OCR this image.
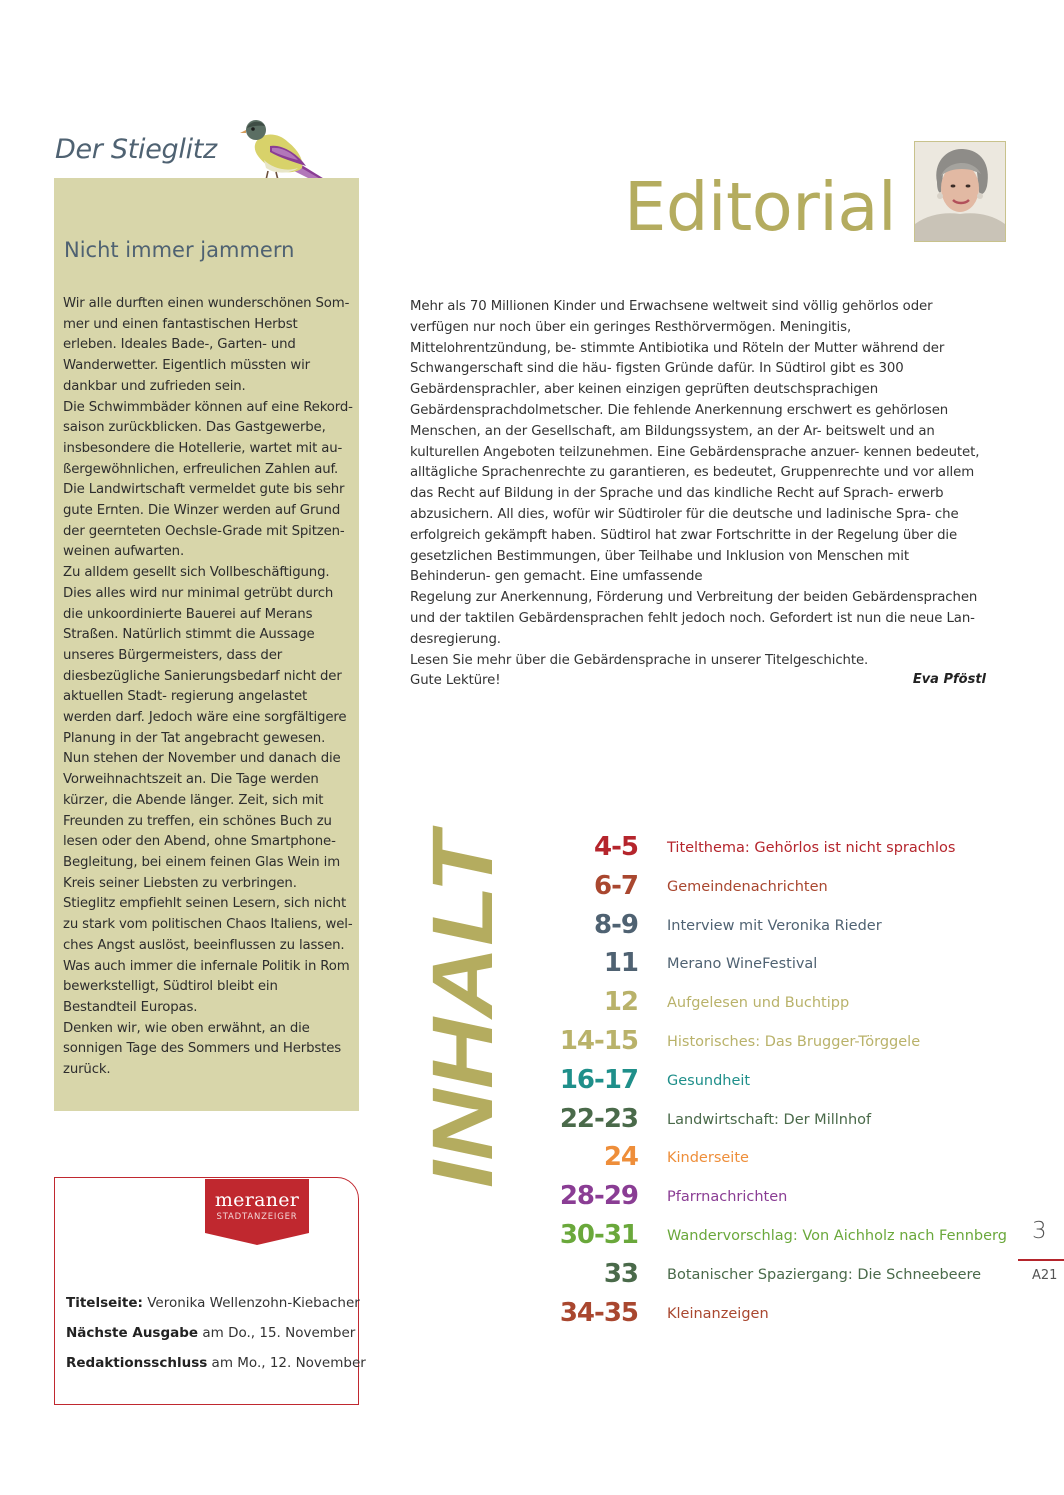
Der Stieglitz
Nicht immer jammern

Wir alle durften einen wunderschönen Som- mer und einen fantastischen Herbst erleben. Ideales Bade-, Garten- und Wanderwetter. Eigentlich müssten wir dankbar und zufrieden sein.

Die Schwimmbäder können auf eine Rekord- saison zurückblicken. Das Gastgewerbe, insbesondere die Hotellerie, wartet mit au- ßergewöhnlichen, erfreulichen Zahlen auf. Die Landwirtschaft vermeldet gute bis sehr gute Ernten. Die Winzer werden auf Grund der geernteten Oechsle-Grade mit Spitzen- weinen aufwarten.

Zu alldem gesellt sich Vollbeschäftigung. Dies alles wird nur minimal getrübt durch die unkoordinierte Bauerei auf Merans Straßen. Natürlich stimmt die Aussage unseres Bürgermeisters, dass der diesbezügliche Sanierungsbedarf nicht der aktuellen Stadt- regierung angelastet werden darf. Jedoch wäre eine sorgfältigere Planung in der Tat angebracht gewesen.

Nun stehen der November und danach die Vorweihnachtszeit an. Die Tage werden kürzer, die Abende länger. Zeit, sich mit Freunden zu treffen, ein schönes Buch zu lesen oder den Abend, ohne Smartphone- Begleitung, bei einem feinen Glas Wein im Kreis seiner Liebsten zu verbringen.

Stieglitz empfiehlt seinen Lesern, sich nicht zu stark vom politischen Chaos Italiens, wel- ches Angst auslöst, beeinflussen zu lassen. Was auch immer die infernale Politik in Rom bewerkstelligt, Südtirol bleibt ein Bestandteil Europas.

Denken wir, wie oben erwähnt, an die sonnigen Tage des Sommers und Herbstes zurück.

Editorial

Mehr als 70 Millionen Kinder und Erwachsene weltweit sind völlig gehörlos oder verfügen nur noch über ein geringes Resthörvermögen. Meningitis, Mittelohrentzündung, be- stimmte Antibiotika und Röteln der Mutter während der Schwangerschaft sind die häu- figsten Gründe dafür. In Südtirol gibt es 300 Gebärdensprachler, aber keinen einzigen geprüften deutschsprachigen Gebärdensprachdolmetscher. Die fehlende Anerkennung erschwert es gehörlosen Menschen, an der Gesellschaft, am Bildungssystem, an der Ar- beitswelt und an kulturellen Angeboten teilzunehmen. Eine Gebärdensprache anzuer- kennen bedeutet, alltägliche Sprachenrechte zu garantieren, es bedeutet, Gruppenrechte und vor allem das Recht auf Bildung in der Sprache und das kindliche Recht auf Sprach- erwerb abzusichern. All dies, wofür wir Südtiroler für die deutsche und ladinische Spra- che erfolgreich gekämpft haben. Südtirol hat zwar Fortschritte in der Regelung über die gesetzlichen Bestimmungen, über Teilhabe und Inklusion von Menschen mit Behinderun- gen gemacht. Eine umfassende

Regelung zur Anerkennung, Förderung und Verbreitung der beiden Gebärdensprachen und der taktilen Gebärdensprachen fehlt jedoch noch. Gefordert ist nun die neue Lan- desregierung.

Lesen Sie mehr über die Gebärdensprache in unserer Titelgeschichte.

Gute Lektüre!	Eva Pföstl
INHALT
4-5 Titelthema: Gehörlos ist nicht sprachlos
6-7 Gemeindenachrichten
8-9 Interview mit Veronika Rieder
11 Merano WineFestival
12 Aufgelesen und Buchtipp
14-15 Historisches: Das Brugger-Törggele
16-17 Gesundheit
22-23 Landwirtschaft: Der Millnhof
24 Kinderseite
28-29 Pfarrnachrichten
30-31 Wandervorschlag: Von Aichholz nach Fennberg
33 Botanischer Spaziergang: Die Schneebeere
34-35 Kleinanzeigen
3
A21
meraner
STADTANZEIGER
Titelseite: Veronika Wellenzohn-Kiebacher
Nächste Ausgabe am Do., 15. November
Redaktionsschluss am Mo., 12. November
